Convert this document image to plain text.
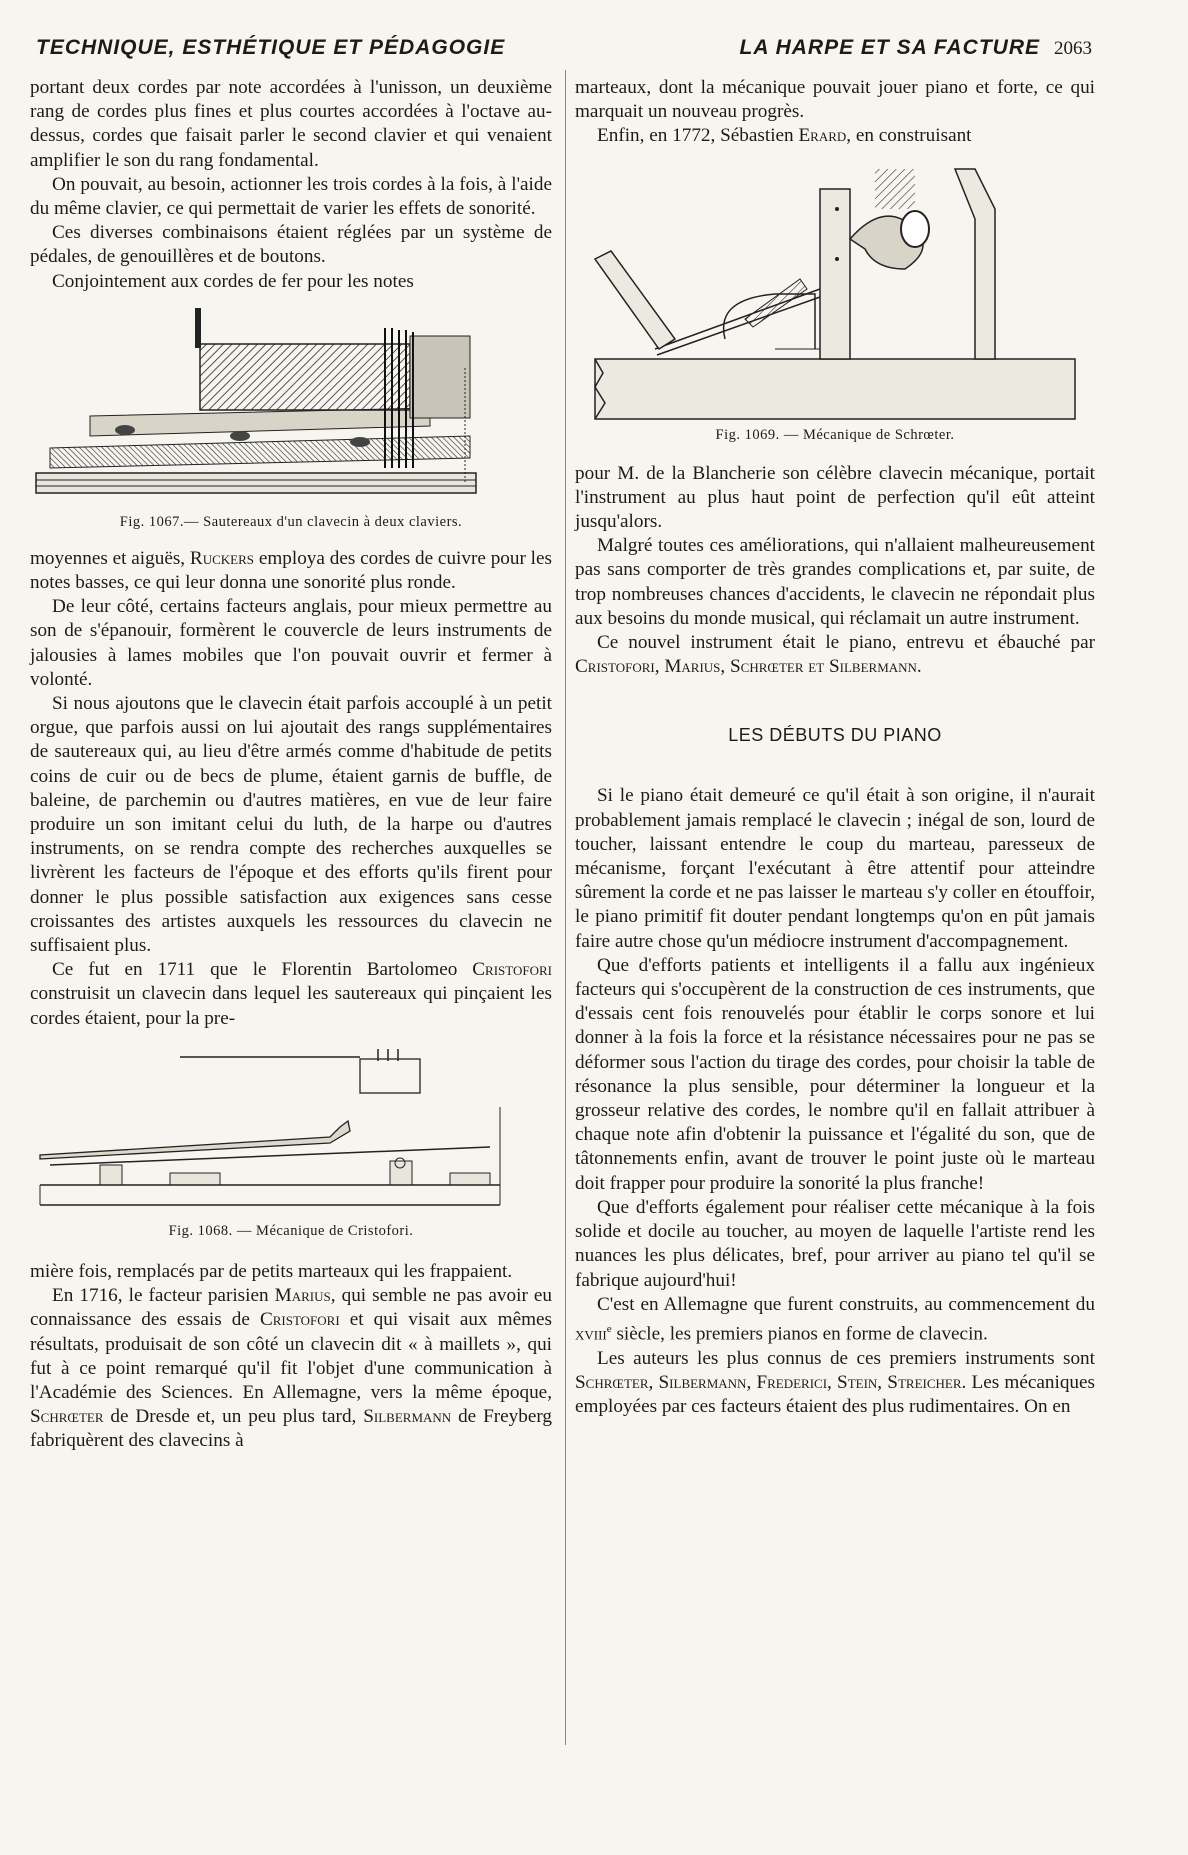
TECHNIQUE, ESTHÉTIQUE ET PÉDAGOGIE	LA HARPE ET SA FACTURE 2063

portant deux cordes par note accordées à l'unisson, un deuxième rang de cordes plus fines et plus courtes accordées à l'octave au-dessus, cordes que faisait parler le second clavier et qui venaient amplifier le son du rang fondamental.

On pouvait, au besoin, actionner les trois cordes à la fois, à l'aide du même clavier, ce qui permettait de varier les effets de sonorité.

Ces diverses combinaisons étaient réglées par un système de pédales, de genouillères et de boutons.

Conjointement aux cordes de fer pour les notes

Fig. 1067.— Sautereaux d'un clavecin à deux claviers.

moyennes et aiguës, Ruckers employa des cordes de cuivre pour les notes basses, ce qui leur donna une sonorité plus ronde.

De leur côté, certains facteurs anglais, pour mieux permettre au son de s'épanouir, formèrent le couvercle de leurs instruments de jalousies à lames mobiles que l'on pouvait ouvrir et fermer à volonté.

Si nous ajoutons que le clavecin était parfois accouplé à un petit orgue, que parfois aussi on lui ajoutait des rangs supplémentaires de sautereaux qui, au lieu d'être armés comme d'habitude de petits coins de cuir ou de becs de plume, étaient garnis de buffle, de baleine, de parchemin ou d'autres matières, en vue de leur faire produire un son imitant celui du luth, de la harpe ou d'autres instruments, on se rendra compte des recherches auxquelles se livrèrent les facteurs de l'époque et des efforts qu'ils firent pour donner le plus possible satisfaction aux exigences sans cesse croissantes des artistes auxquels les ressources du clavecin ne suffisaient plus.

Ce fut en 1711 que le Florentin Bartolomeo Cristofori construisit un clavecin dans lequel les sautereaux qui pinçaient les cordes étaient, pour la pre-

Fig. 1068. — Mécanique de Cristofori.

mière fois, remplacés par de petits marteaux qui les frappaient.

En 1716, le facteur parisien Marius, qui semble ne pas avoir eu connaissance des essais de Cristofori et qui visait aux mêmes résultats, produisait de son côté un clavecin dit « à maillets », qui fut à ce point remarqué qu'il fit l'objet d'une communication à l'Académie des Sciences. En Allemagne, vers la même époque, Schrœter de Dresde et, un peu plus tard, Silbermann de Freyberg fabriquèrent des clavecins à

marteaux, dont la mécanique pouvait jouer piano et forte, ce qui marquait un nouveau progrès.

Enfin, en 1772, Sébastien Erard, en construisant

Fig. 1069. — Mécanique de Schrœter.

pour M. de la Blancherie son célèbre clavecin mécanique, portait l'instrument au plus haut point de perfection qu'il eût atteint jusqu'alors.

Malgré toutes ces améliorations, qui n'allaient malheureusement pas sans comporter de très grandes complications et, par suite, de trop nombreuses chances d'accidents, le clavecin ne répondait plus aux besoins du monde musical, qui réclamait un autre instrument.

Ce nouvel instrument était le piano, entrevu et ébauché par Cristofori, Marius, Schrœter et Silbermann.

LES DÉBUTS DU PIANO

Si le piano était demeuré ce qu'il était à son origine, il n'aurait probablement jamais remplacé le clavecin ; inégal de son, lourd de toucher, laissant entendre le coup du marteau, paresseux de mécanisme, forçant l'exécutant à être attentif pour atteindre sûrement la corde et ne pas laisser le marteau s'y coller en étouffoir, le piano primitif fit douter pendant longtemps qu'on en pût jamais faire autre chose qu'un médiocre instrument d'accompagnement.

Que d'efforts patients et intelligents il a fallu aux ingénieux facteurs qui s'occupèrent de la construction de ces instruments, que d'essais cent fois renouvelés pour établir le corps sonore et lui donner à la fois la force et la résistance nécessaires pour ne pas se déformer sous l'action du tirage des cordes, pour choisir la table de résonance la plus sensible, pour déterminer la longueur et la grosseur relative des cordes, le nombre qu'il en fallait attribuer à chaque note afin d'obtenir la puissance et l'égalité du son, que de tâtonnements enfin, avant de trouver le point juste où le marteau doit frapper pour produire la sonorité la plus franche!

Que d'efforts également pour réaliser cette mécanique à la fois solide et docile au toucher, au moyen de laquelle l'artiste rend les nuances les plus délicates, bref, pour arriver au piano tel qu'il se fabrique aujourd'hui!

C'est en Allemagne que furent construits, au commencement du xviii$^e$ siècle, les premiers pianos en forme de clavecin.

Les auteurs les plus connus de ces premiers instruments sont Schrœter, Silbermann, Frederici, Stein, Streicher. Les mécaniques employées par ces facteurs étaient des plus rudimentaires. On en
